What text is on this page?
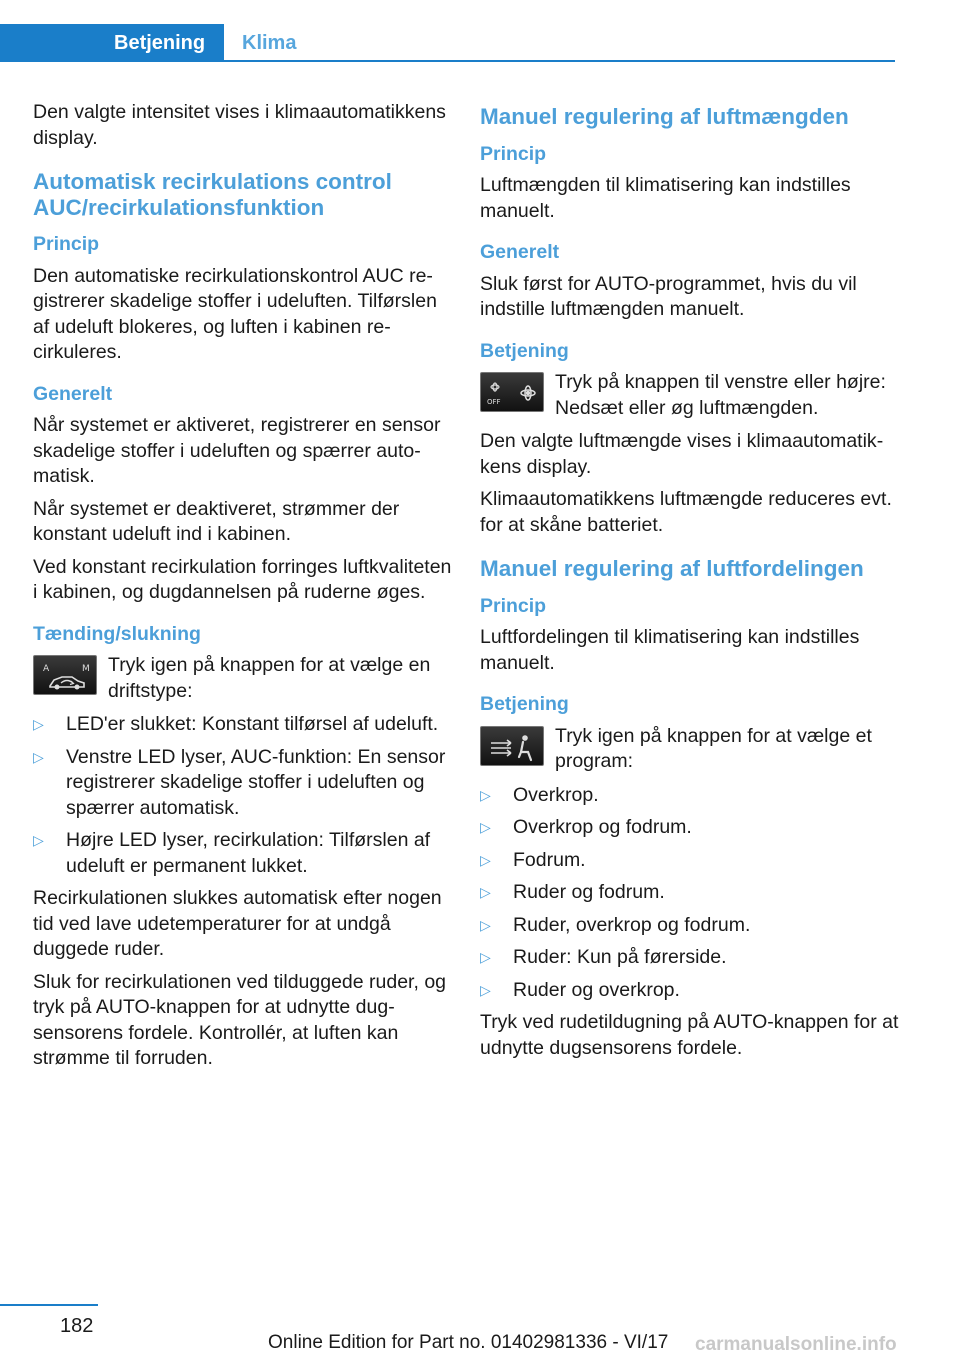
Betjening	Klima

Den valgte intensitet vises i klimaautomatikkens display.

Automatisk recirkulations control AUC/recirkulationsfunktion
Princip

Den automatiske recirkulationskontrol AUC registrerer skadelige stoffer i udeluften. Tilførslen af udeluft blokeres, og luften i kabinen recirkuleres.

Generelt

Når systemet er aktiveret, registrerer en sensor skadelige stoffer i udeluften og spærrer automatisk.

Når systemet er deaktiveret, strømmer der konstant udeluft ind i kabinen.

Ved konstant recirkulation forringes luftkvaliteten i kabinen, og dugdannelsen på ruderne øges.

Tænding/slukning
A	M Tryk igen på knappen for at vælge en driftstype:
▷ LED'er slukket: Konstant tilførsel af udeluft.
▷ Venstre LED lyser, AUC-funktion: En sensor registrerer skadelige stoffer i udeluften og spærrer automatisk.
▷ Højre LED lyser, recirkulation: Tilførslen af udeluft er permanent lukket.

Recirkulationen slukkes automatisk efter nogen tid ved lave udetemperaturer for at undgå duggede ruder.

Sluk for recirkulationen ved tilduggede ruder, og tryk på AUTO-knappen for at udnytte dugsensorens fordele. Kontrollér, at luften kan strømme til forruden.

Manuel regulering af luftmængden
Princip

Luftmængden til klimatisering kan indstilles manuelt.

Generelt

Sluk først for AUTO-programmet, hvis du vil indstille luftmængden manuelt.

Betjening
OFF
Tryk på knappen til venstre eller højre: Nedsæt eller øg luftmængden.

Den valgte luftmængde vises i klimaautomatikkens display.

Klimaautomatikkens luftmængde reduceres evt. for at skåne batteriet.

Manuel regulering af luftfordelingen
Princip

Luftfordelingen til klimatisering kan indstilles manuelt.

Betjening
Tryk igen på knappen for at vælge et program:
▷ Overkrop.
▷ Overkrop og fodrum.
▷ Fodrum.
▷ Ruder og fodrum.
▷ Ruder, overkrop og fodrum.
▷ Ruder: Kun på førerside.
▷ Ruder og overkrop.

Tryk ved rudetildugning på AUTO-knappen for at udnytte dugsensorens fordele.

182
Online Edition for Part no. 01402981336 - VI/17 carmanualsonline.info
